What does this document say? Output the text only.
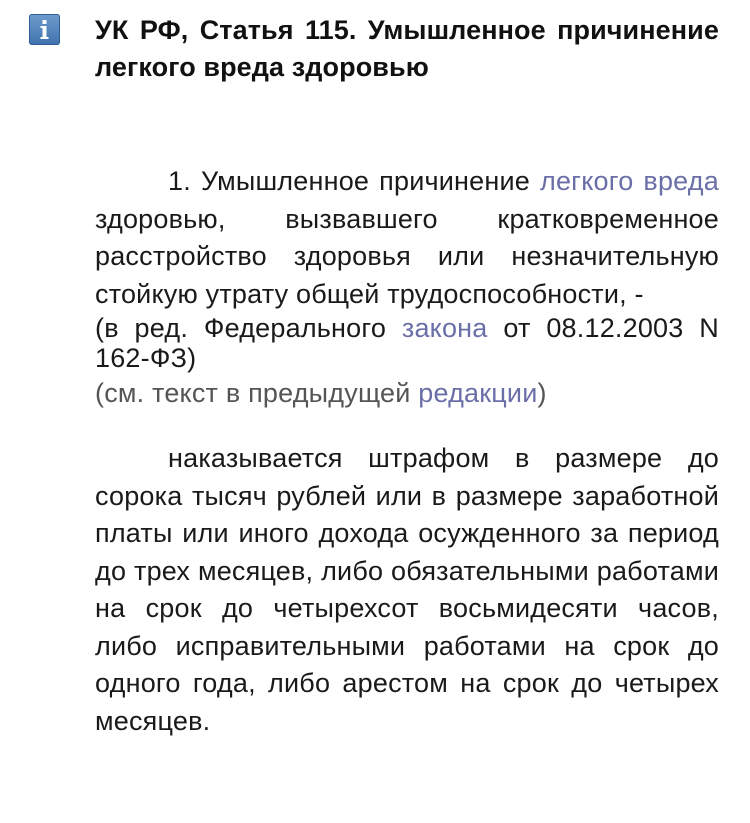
УК РФ, Статья 115. Умышленное причинение легкого вреда здоровью

1. Умышленное причинение легкого вреда здоровью, вызвавшего кратковременное расстройство здоровья или незначительную стойкую утрату общей трудоспособности, -

(в ред. Федерального закона от 08.12.2003 N 162-ФЗ)

(см. текст в предыдущей редакции)

наказывается штрафом в размере до сорока тысяч рублей или в размере заработной платы или иного дохода осужденного за период до трех месяцев, либо обязательными работами на срок до четырехсот восьмидесяти часов, либо исправительными работами на срок до одного года, либо арестом на срок до четырех месяцев.
